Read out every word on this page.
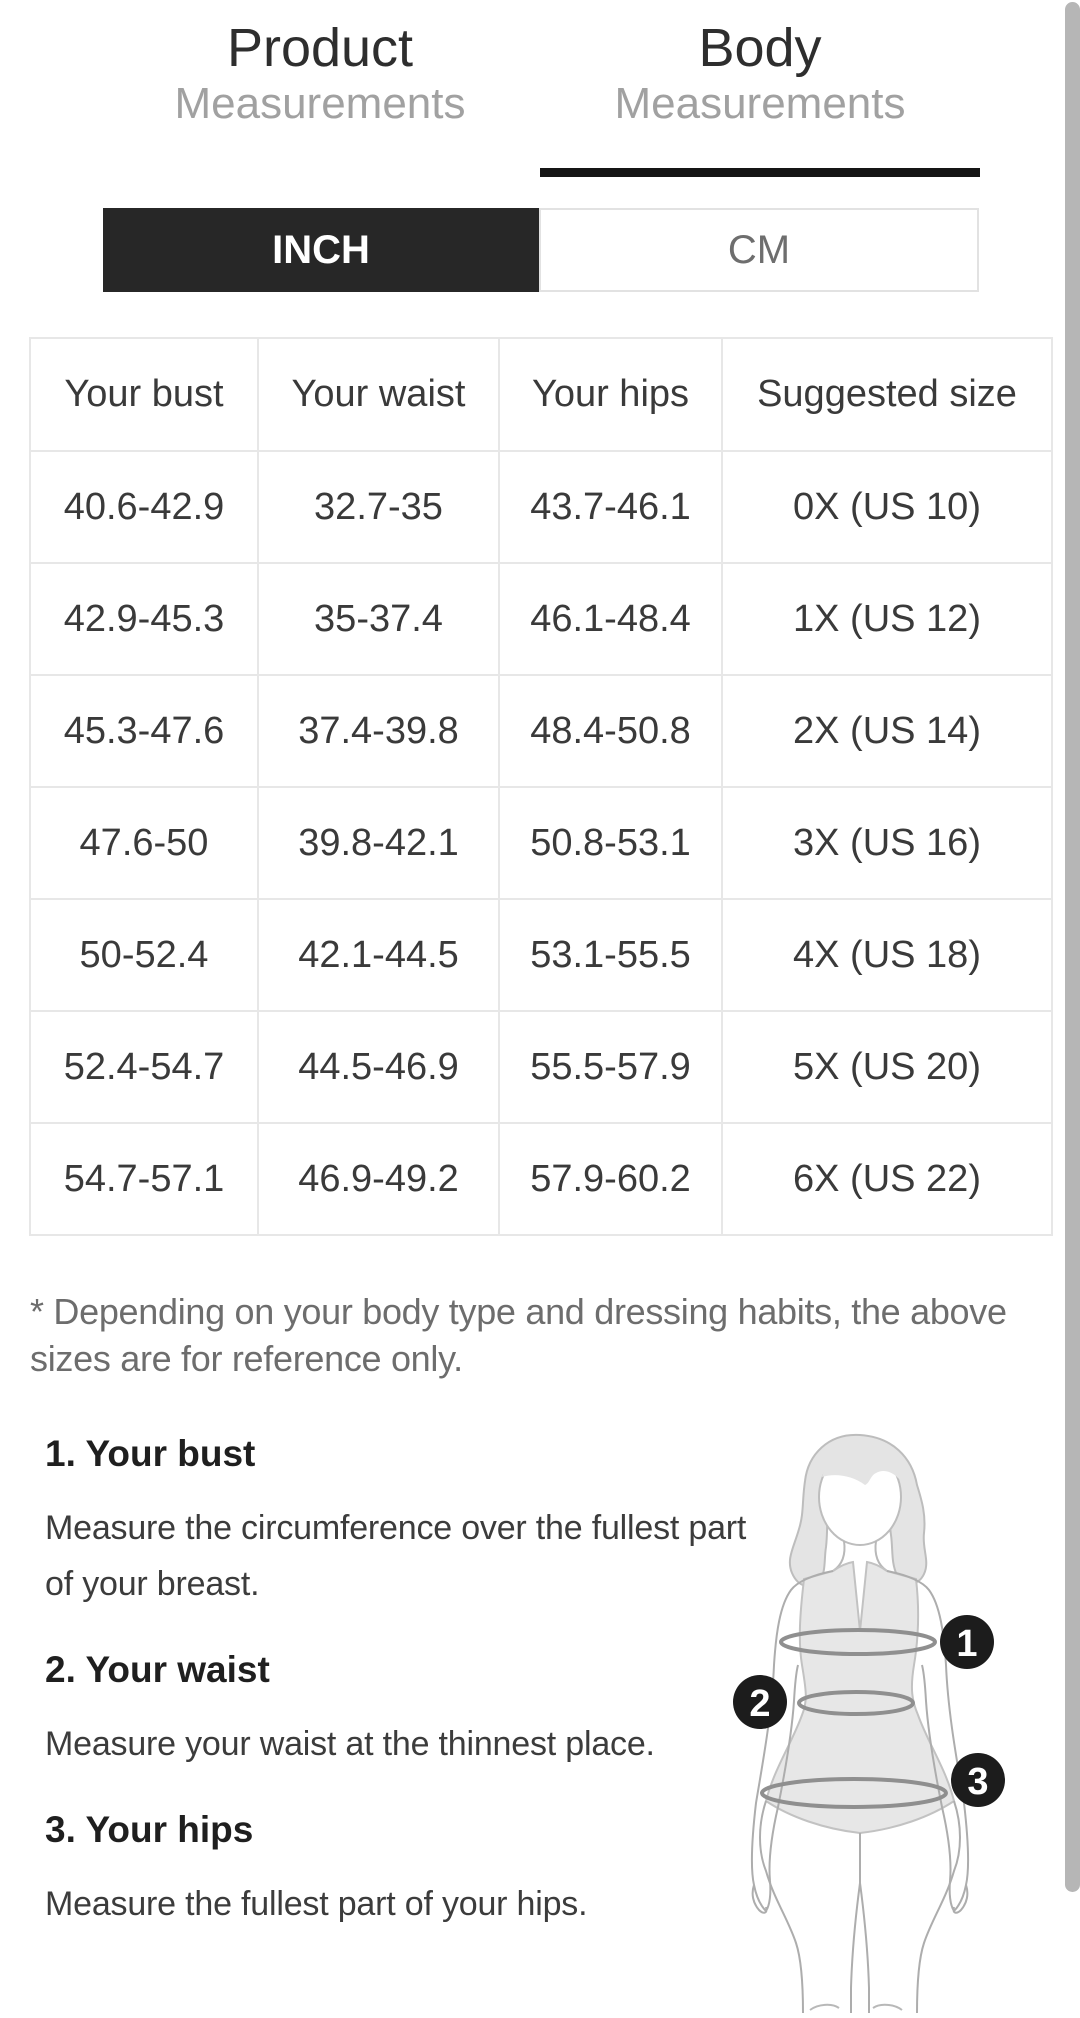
Product
Measurements
Body
Measurements
INCH	CM
Your bust	Your waist	Your hips	Suggested size
40.6-42.9	32.7-35	43.7-46.1	0X (US 10)
42.9-45.3	35-37.4	46.1-48.4	1X (US 12)
45.3-47.6	37.4-39.8	48.4-50.8	2X (US 14)
47.6-50	39.8-42.1	50.8-53.1	3X (US 16)
50-52.4	42.1-44.5	53.1-55.5	4X (US 18)
52.4-54.7	44.5-46.9	55.5-57.9	5X (US 20)
54.7-57.1	46.9-49.2	57.9-60.2	6X (US 22)
* Depending on your body type and dressing habits, the above sizes are for reference only.
1. Your bust
Measure the circumference over the fullest part of your breast.
2. Your waist
Measure your waist at the thinnest place.
3. Your hips
Measure the fullest part of your hips.
1
2
3
